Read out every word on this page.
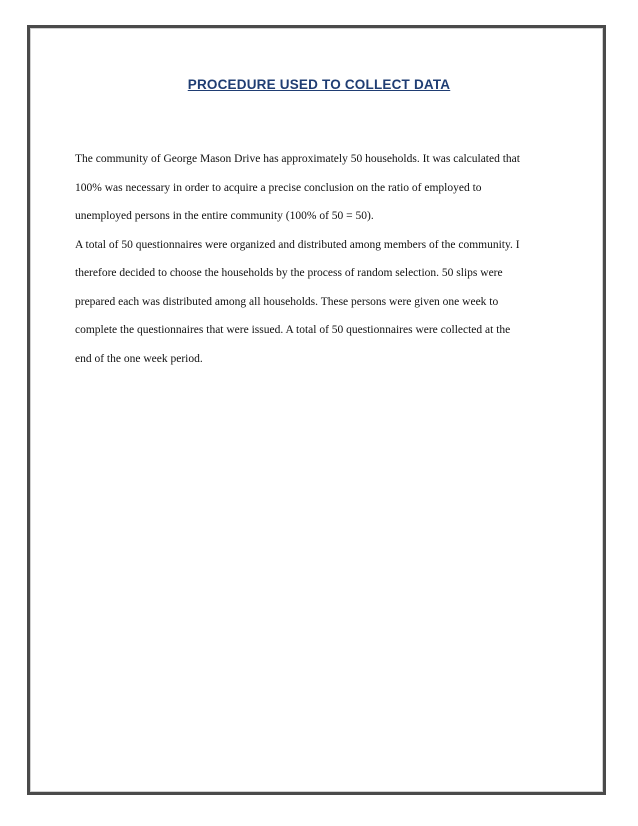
PROCEDURE USED TO COLLECT DATA
The community of George Mason Drive has approximately 50 households. It was calculated that
100% was necessary in order to acquire a precise conclusion on the ratio of employed to
unemployed persons in the entire community (100% of 50 = 50).
A total of 50 questionnaires were organized and distributed among members of the community. I
therefore decided to choose the households by the process of random selection. 50 slips were
prepared each was distributed among all households. These persons were given one week to
complete the questionnaires that were issued. A total of 50 questionnaires were collected at the
end of the one week period.
